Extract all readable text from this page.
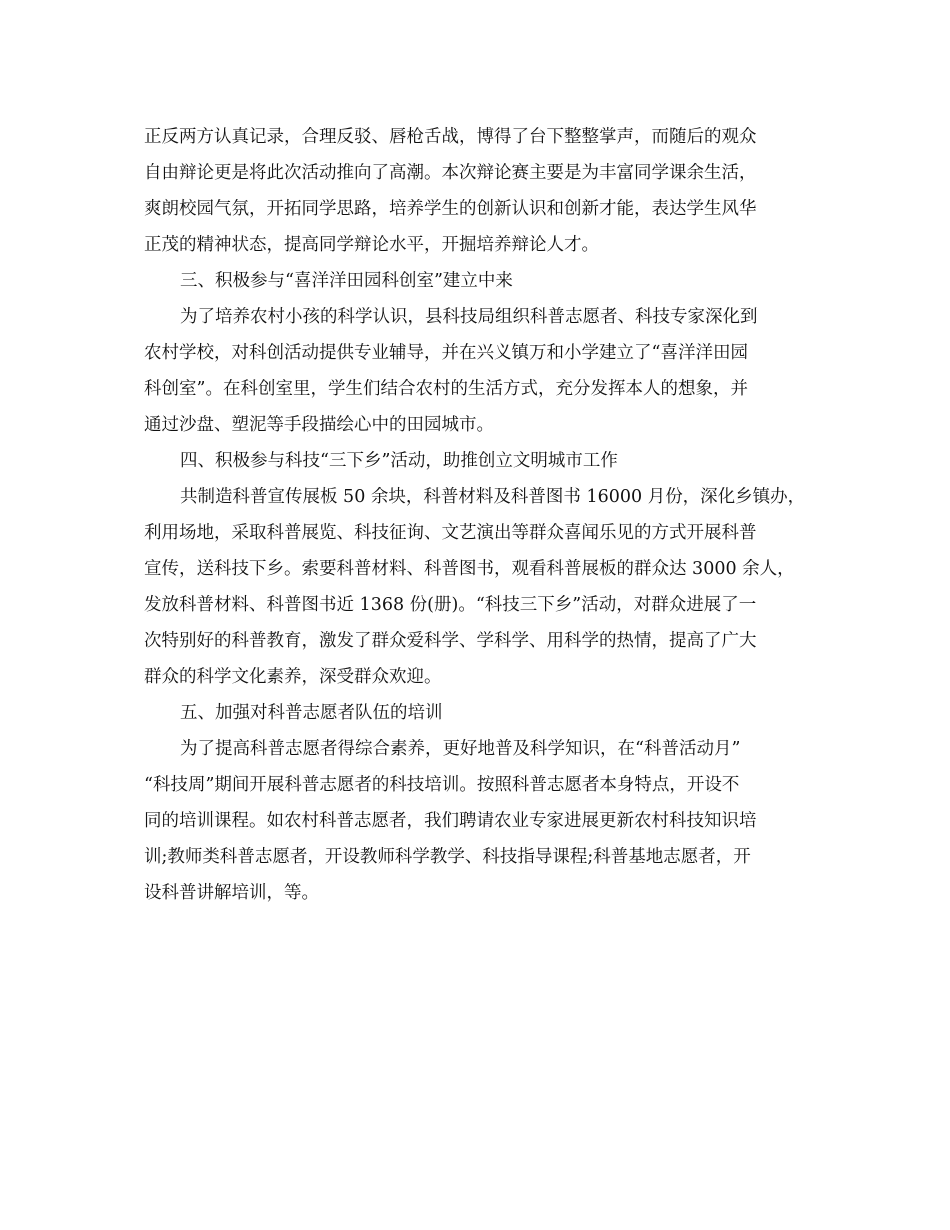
正反两方认真记录，合理反驳、唇枪舌战，博得了台下整整掌声，而随后的观众
自由辩论更是将此次活动推向了高潮。本次辩论赛主要是为丰富同学课余生活，
爽朗校园气氛，开拓同学思路，培养学生的创新认识和创新才能，表达学生风华
正茂的精神状态，提高同学辩论水平，开掘培养辩论人才。
三、积极参与“喜洋洋田园科创室”建立中来
为了培养农村小孩的科学认识，县科技局组织科普志愿者、科技专家深化到
农村学校，对科创活动提供专业辅导，并在兴义镇万和小学建立了“喜洋洋田园
科创室”。在科创室里，学生们结合农村的生活方式，充分发挥本人的想象，并
通过沙盘、塑泥等手段描绘心中的田园城市。
四、积极参与科技“三下乡”活动，助推创立文明城市工作
共制造科普宣传展板 50 余块，科普材料及科普图书 16000 月份，深化乡镇办，
利用场地，采取科普展览、科技征询、文艺演出等群众喜闻乐见的方式开展科普
宣传，送科技下乡。索要科普材料、科普图书，观看科普展板的群众达 3000 余人，
发放科普材料、科普图书近 1368 份(册)。“科技三下乡”活动，对群众进展了一
次特别好的科普教育，激发了群众爱科学、学科学、用科学的热情，提高了广大
群众的科学文化素养，深受群众欢迎。
五、加强对科普志愿者队伍的培训
为了提高科普志愿者得综合素养，更好地普及科学知识，在“科普活动月”
“科技周”期间开展科普志愿者的科技培训。按照科普志愿者本身特点，开设不
同的培训课程。如农村科普志愿者，我们聘请农业专家进展更新农村科技知识培
训;教师类科普志愿者，开设教师科学教学、科技指导课程;科普基地志愿者，开
设科普讲解培训，等。
